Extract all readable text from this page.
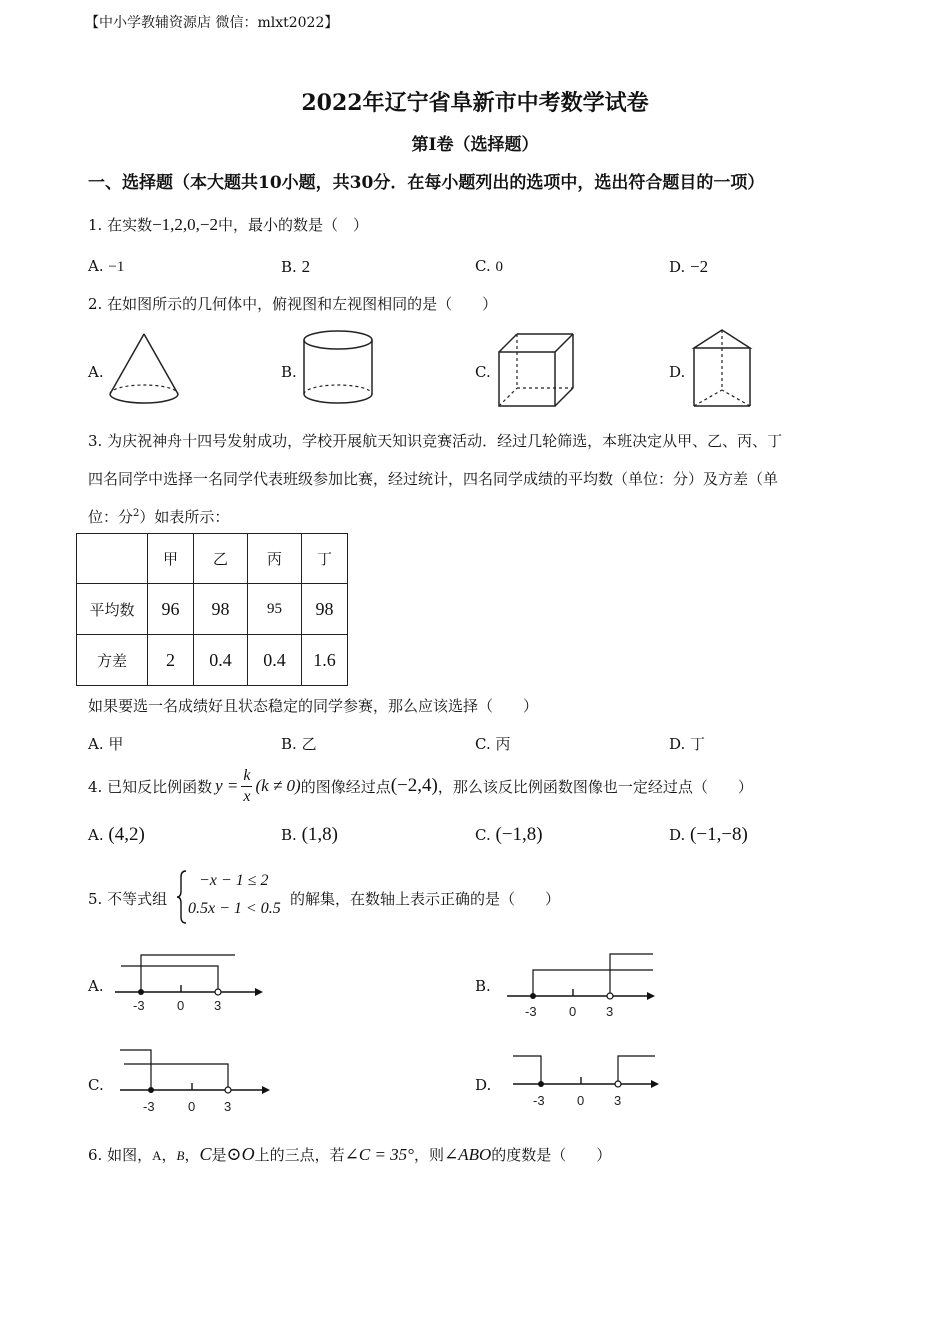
【中小学教辅资源店 微信：mlxt2022】
2022年辽宁省阜新市中考数学试卷
第Ⅰ卷（选择题）
一、选择题（本大题共10小题，共30分．在每小题列出的选项中，选出符合题目的一项）
1. 在实数−1,2,0,−2中，最小的数是（　）
A. −1	B. 2	C. 0	D. −2
2. 在如图所示的几何体中，俯视图和左视图相同的是（　　）
A.	B.	C.	D.
3. 为庆祝神舟十四号发射成功，学校开展航天知识竞赛活动．经过几轮筛选，本班决定从甲、乙、丙、丁
四名同学中选择一名同学代表班级参加比赛，经过统计，四名同学成绩的平均数（单位：分）及方差（单
位：分$^2$）如表所示：
	甲	乙	丙	丁
平均数	96	98	95	98
方差	2	0.4	0.4	1.6
如果要选一名成绩好且状态稳定的同学参赛，那么应该选择（　　）
A. 甲	B. 乙	C. 丙	D. 丁
4. 已知反比例函数 $y = \frac{k}{x} (k \ne 0)$ 的图像经过点 (−2,4) ，那么该反比例函数图像也一定经过点（　　）
A. (4,2)	B. (1,8)	C. (−1,8)	D. (−1,−8)
5. 不等式组
−x − 1 ≤ 2
0.5x − 1 < 0.5
的解集，在数轴上表示正确的是（　　）
A.	B.
C.	D.
-3 0 3	-3 0 3
-3	0 3	-3 0 3
6. 如图，A，B，C是⊙O上的三点，若∠C = 35°，则∠ABO的度数是（　　）
